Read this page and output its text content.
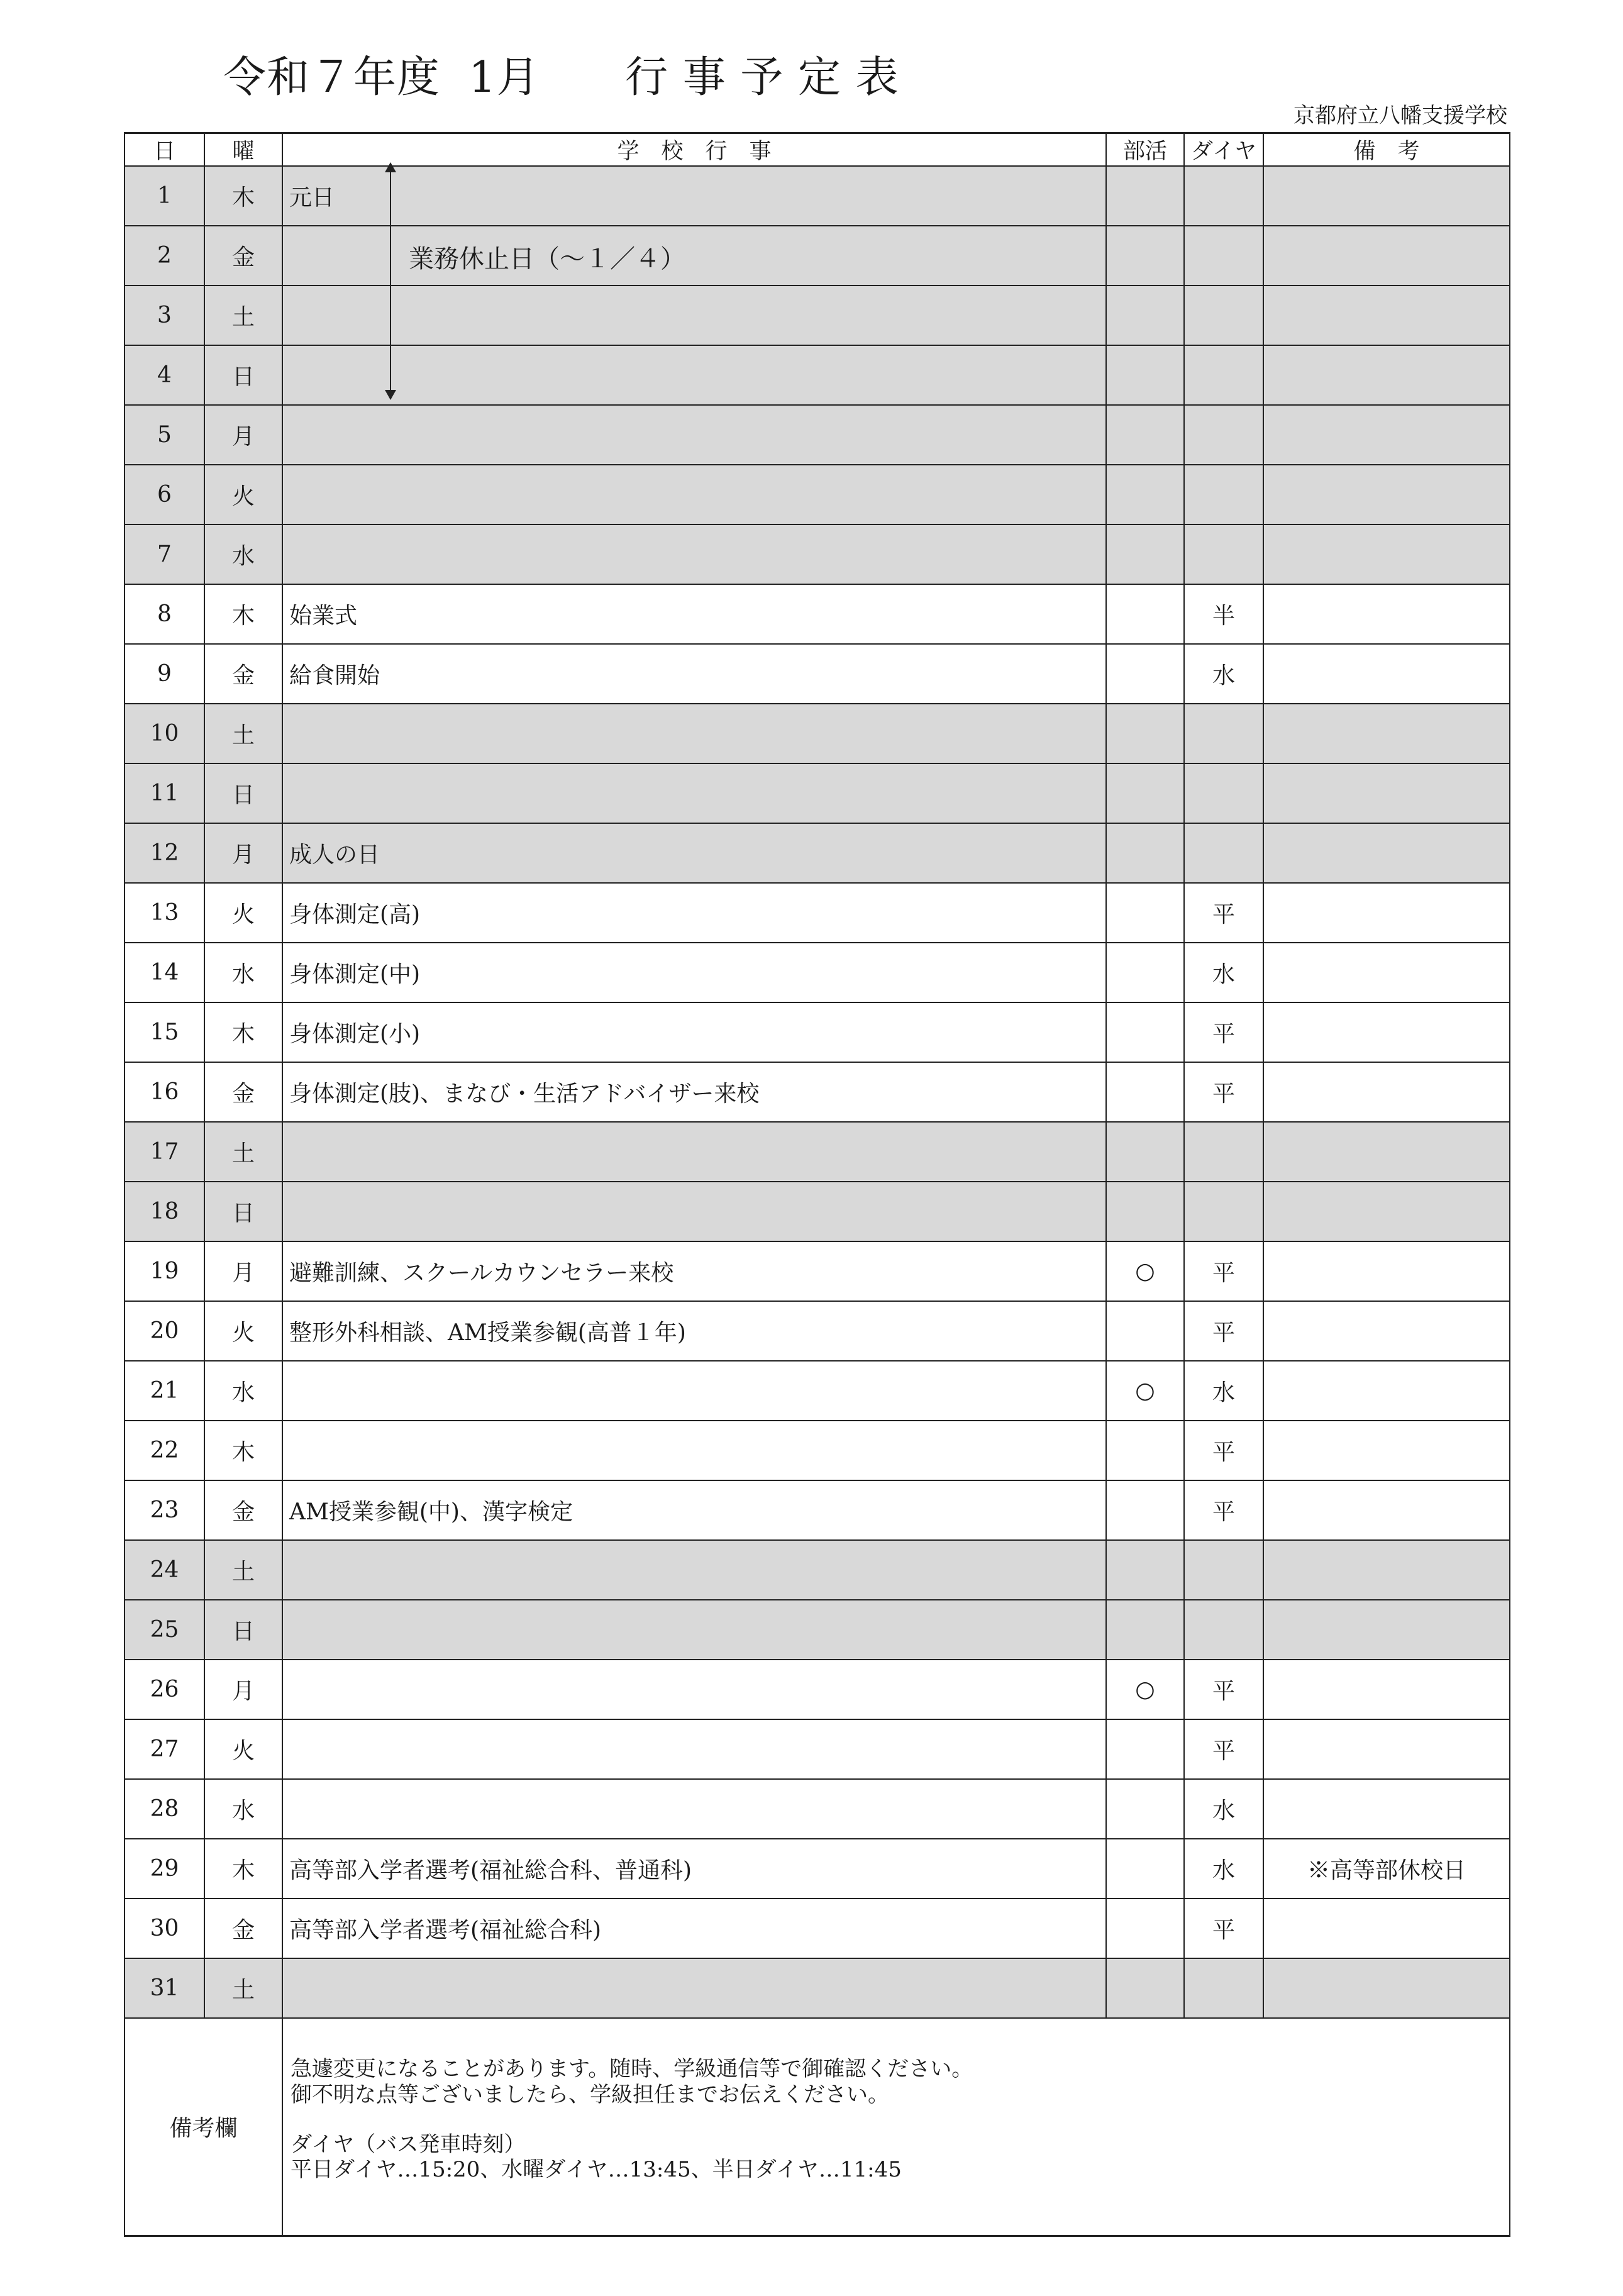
令和７年度  1月      行 事 予 定 表
京都府立八幡支援学校
日	曜	学　校　行　事	部活	ダイヤ	備　考
1	木	元日			
2	金				
3	土				
4	日				
5	月				
6	火				
7	水				
8	木	始業式		半	
9	金	給食開始		水	
10	土				
11	日				
12	月	成人の日			
13	火	身体測定(高)		平	
14	水	身体測定(中)		水	
15	木	身体測定(小)		平	
16	金	身体測定(肢)、まなび・生活アドバイザー来校		平	
17	土				
18	日				
19	月	避難訓練、スクールカウンセラー来校	○	平	
20	火	整形外科相談、AM授業参観(高普１年)		平	
21	水		○	水	
22	木			平	
23	金	AM授業参観(中)、漢字検定		平	
24	土				
25	日				
26	月		○	平	
27	火			平	
28	水			水	
29	木	高等部入学者選考(福祉総合科、普通科)		水	※高等部休校日
30	金	高等部入学者選考(福祉総合科)		平	
31	土				
備考欄		急遽変更になることがあります。随時、学級通信等で御確認ください。
御不明な点等ございましたら、学級担任までお伝えください。
ダイヤ（バス発車時刻）
平日ダイヤ…15:20、水曜ダイヤ…13:45、半日ダイヤ…11:45			
業務休止日（～１／４）
